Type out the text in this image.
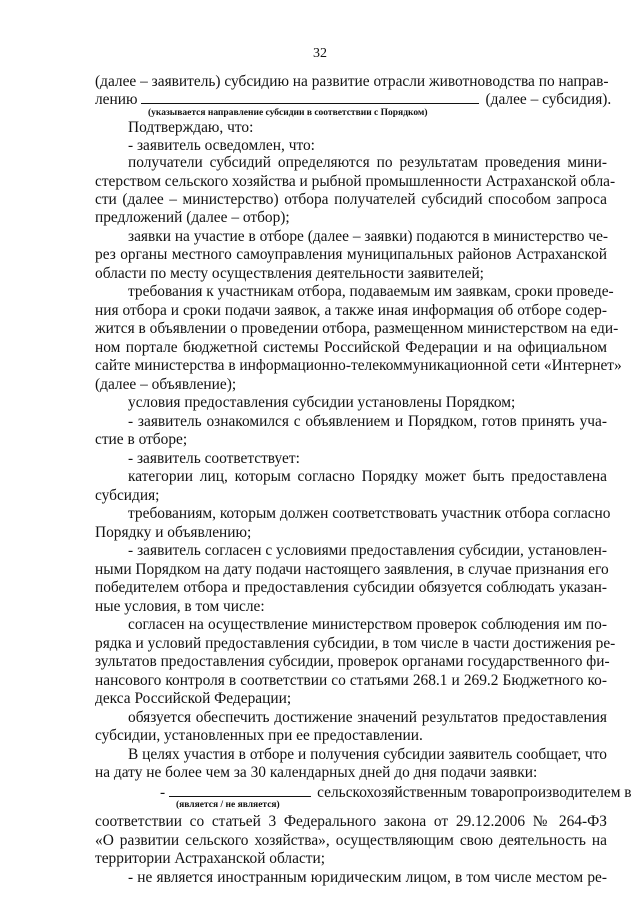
32
(далее – заявитель) субсидию на развитие отрасли животноводства по направ-
лению	(далее – субсидия).
(указывается направление субсидии в соответствии с Порядком)
Подтверждаю, что:
- заявитель осведомлен, что:
получатели субсидий определяются по результатам проведения мини-
стерством сельского хозяйства и рыбной промышленности Астраханской обла-
сти (далее – министерство) отбора получателей субсидий способом запроса
предложений (далее – отбор);
заявки на участие в отборе (далее – заявки) подаются в министерство че-
рез органы местного самоуправления муниципальных районов Астраханской
области по месту осуществления деятельности заявителей;
требования к участникам отбора, подаваемым им заявкам, сроки проведе-
ния отбора и сроки подачи заявок, а также иная информация об отборе содер-
жится в объявлении о проведении отбора, размещенном министерством на еди-
ном портале бюджетной системы Российской Федерации и на официальном
сайте министерства в информационно-телекоммуникационной сети «Интернет»
(далее – объявление);
условия предоставления субсидии установлены Порядком;
- заявитель ознакомился с объявлением и Порядком, готов принять уча-
стие в отборе;
- заявитель соответствует:
категории лиц, которым согласно Порядку может быть предоставлена
субсидия;
требованиям, которым должен соответствовать участник отбора согласно
Порядку и объявлению;
- заявитель согласен с условиями предоставления субсидии, установлен-
ными Порядком на дату подачи настоящего заявления, в случае признания его
победителем отбора и предоставления субсидии обязуется соблюдать указан-
ные условия, в том числе:
согласен на осуществление министерством проверок соблюдения им по-
рядка и условий предоставления субсидии, в том числе в части достижения ре-
зультатов предоставления субсидии, проверок органами государственного фи-
нансового контроля в соответствии со статьями 268.1 и 269.2 Бюджетного ко-
декса Российской Федерации;
обязуется обеспечить достижение значений результатов предоставления
субсидии, установленных при ее предоставлении.
В целях участия в отборе и получения субсидии заявитель сообщает, что
на дату не более чем за 30 календарных дней до дня подачи заявки:
-	сельскохозяйственным товаропроизводителем в
(является / не является)
соответствии со статьей 3 Федерального закона от 29.12.2006 № 264-ФЗ
«О развитии сельского хозяйства», осуществляющим свою деятельность на
территории Астраханской области;
- не является иностранным юридическим лицом, в том числе местом ре-
